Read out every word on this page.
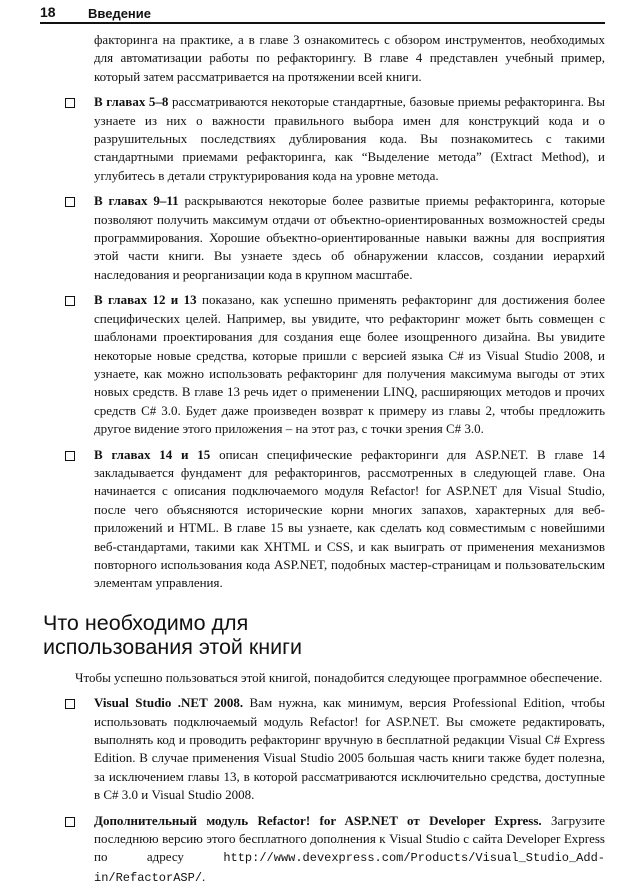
18 Введение

факторинга на практике, а в главе 3 ознакомитесь с обзором инструментов, необходимых для автоматизации работы по рефакторингу. В главе 4 представлен учебный пример, который затем рассматривается на протяжении всей книги.

В главах 5–8 рассматриваются некоторые стандартные, базовые приемы рефакторинга. Вы узнаете из них о важности правильного выбора имен для конструкций кода и о разрушительных последствиях дублирования кода. Вы познакомитесь с такими стандартными приемами рефакторинга, как “Выделение метода” (Extract Method), и углубитесь в детали структурирования кода на уровне метода.
В главах 9–11 раскрываются некоторые более развитые приемы рефакторинга, которые позволяют получить максимум отдачи от объектно-ориентированных возможностей среды программирования. Хорошие объектно-ориентированные навыки важны для восприятия этой части книги. Вы узнаете здесь об обнаружении классов, создании иерархий наследования и реорганизации кода в крупном масштабе.
В главах 12 и 13 показано, как успешно применять рефакторинг для достижения более специфических целей. Например, вы увидите, что рефакторинг может быть совмещен с шаблонами проектирования для создания еще более изощренного дизайна. Вы увидите некоторые новые средства, которые пришли с версией языка C# из Visual Studio 2008, и узнаете, как можно использовать рефакторинг для получения максимума выгоды от этих новых средств. В главе 13 речь идет о применении LINQ, расширяющих методов и прочих средств C# 3.0. Будет даже произведен возврат к примеру из главы 2, чтобы предложить другое видение этого приложения – на этот раз, с точки зрения C# 3.0.
В главах 14 и 15 описан специфические рефакторинги для ASP.NET. В главе 14 закладывается фундамент для рефакторингов, рассмотренных в следующей главе. Она начинается с описания подключаемого модуля Refactor! for ASP.NET для Visual Studio, после чего объясняются исторические корни многих запахов, характерных для веб-приложений и HTML. В главе 15 вы узнаете, как сделать код совместимым с новейшими веб-стандартами, такими как XHTML и CSS, и как выиграть от применения механизмов повторного использования кода ASP.NET, подобных мастер-страницам и пользовательским элементам управления.
Что необходимо для
использования этой книги

Чтобы успешно пользоваться этой книгой, понадобится следующее программное обеспечение.

Visual Studio .NET 2008. Вам нужна, как минимум, версия Professional Edition, чтобы использовать подключаемый модуль Refactor! for ASP.NET. Вы сможете редактировать, выполнять код и проводить рефакторинг вручную в бесплатной редакции Visual C# Express Edition. В случае применения Visual Studio 2005 большая часть книги также будет полезна, за исключением главы 13, в которой рассматриваются исключительно средства, доступные в C# 3.0 и Visual Studio 2008.
Дополнительный модуль Refactor! for ASP.NET от Developer Express. Загрузите последнюю версию этого бесплатного дополнения к Visual Studio с сайта Developer Express по адресу http://www.devexpress.com/Products/Visual_Studio_Add-in/RefactorASP/.
